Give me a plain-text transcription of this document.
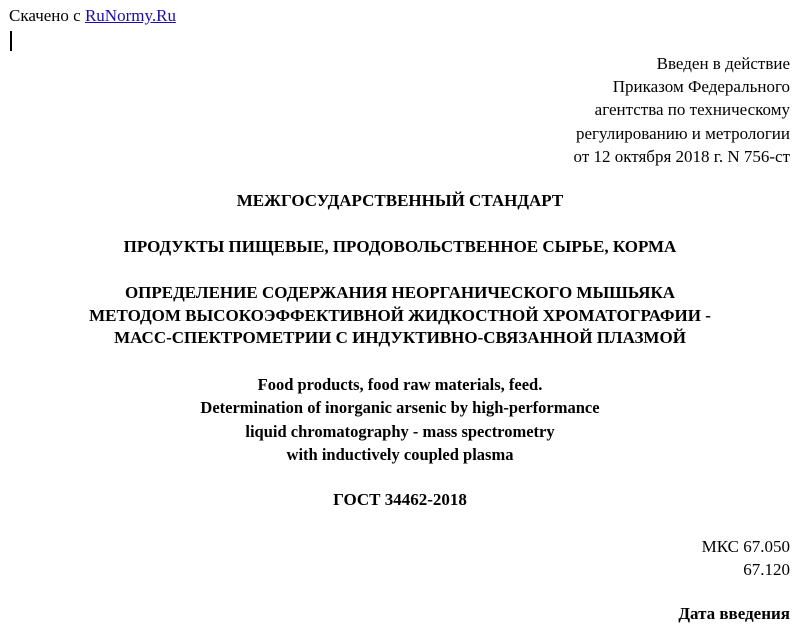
Скачено с RuNormy.Ru
Введен в действие
Приказом Федерального
агентства по техническому
регулированию и метрологии
от 12 октября 2018 г. N 756-ст
МЕЖГОСУДАРСТВЕННЫЙ СТАНДАРТ
ПРОДУКТЫ ПИЩЕВЫЕ, ПРОДОВОЛЬСТВЕННОЕ СЫРЬЕ, КОРМА
ОПРЕДЕЛЕНИЕ СОДЕРЖАНИЯ НЕОРГАНИЧЕСКОГО МЫШЬЯКА
МЕТОДОМ ВЫСОКОЭФФЕКТИВНОЙ ЖИДКОСТНОЙ ХРОМАТОГРАФИИ -
МАСС-СПЕКТРОМЕТРИИ С ИНДУКТИВНО-СВЯЗАННОЙ ПЛАЗМОЙ
Food products, food raw materials, feed.
Determination of inorganic arsenic by high-performance
liquid chromatography - mass spectrometry
with inductively coupled plasma
ГОСТ 34462-2018
МКС 67.050
67.120
Дата введения
